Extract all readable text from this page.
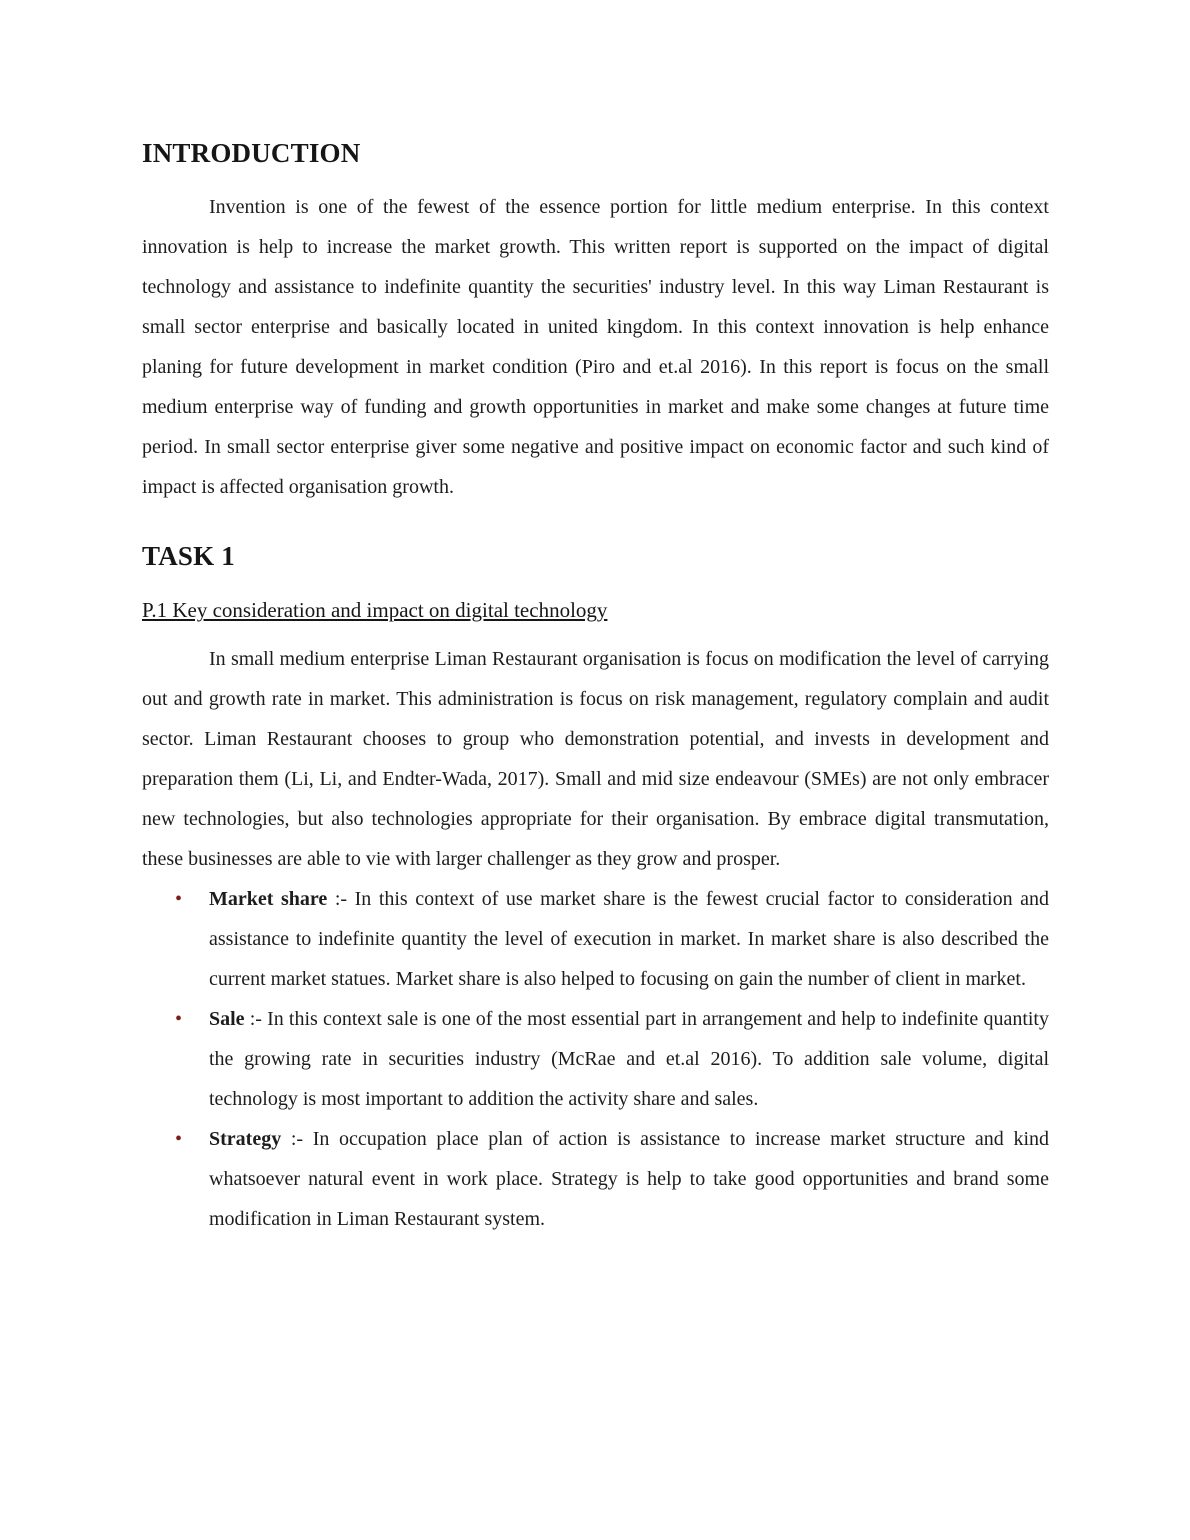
INTRODUCTION

Invention is one of the fewest of the essence portion for little medium enterprise. In this context innovation is help to increase the market growth. This written report is supported on the impact of digital technology and assistance to indefinite quantity the securities' industry level. In this way Liman Restaurant is small sector enterprise and basically located in united kingdom. In this context innovation is help enhance planing for future development in market condition (Piro and et.al 2016). In this report is focus on the small medium enterprise way of funding and growth opportunities in market and make some changes at future time period. In small sector enterprise giver some negative and positive impact on economic factor and such kind of impact is affected organisation growth.

TASK 1
P.1 Key consideration and impact on digital technology

In small medium enterprise Liman Restaurant organisation is focus on modification the level of carrying out and growth rate in market. This administration is focus on risk management, regulatory complain and audit sector. Liman Restaurant chooses to group who demonstration potential, and invests in development and preparation them (Li, Li, and Endter-Wada, 2017). Small and mid size endeavour (SMEs) are not only embracer new technologies, but also technologies appropriate for their organisation. By embrace digital transmutation, these businesses are able to vie with larger challenger as they grow and prosper.

• Market share :- In this context of use market share is the fewest crucial factor to consideration and assistance to indefinite quantity the level of execution in market. In market share is also described the current market statues. Market share is also helped to focusing on gain the number of client in market.
• Sale :- In this context sale is one of the most essential part in arrangement and help to indefinite quantity the growing rate in securities industry (McRae and et.al 2016). To addition sale volume, digital technology is most important to addition the activity share and sales.
• Strategy :- In occupation place plan of action is assistance to increase market structure and kind whatsoever natural event in work place. Strategy is help to take good opportunities and brand some modification in Liman Restaurant system.
